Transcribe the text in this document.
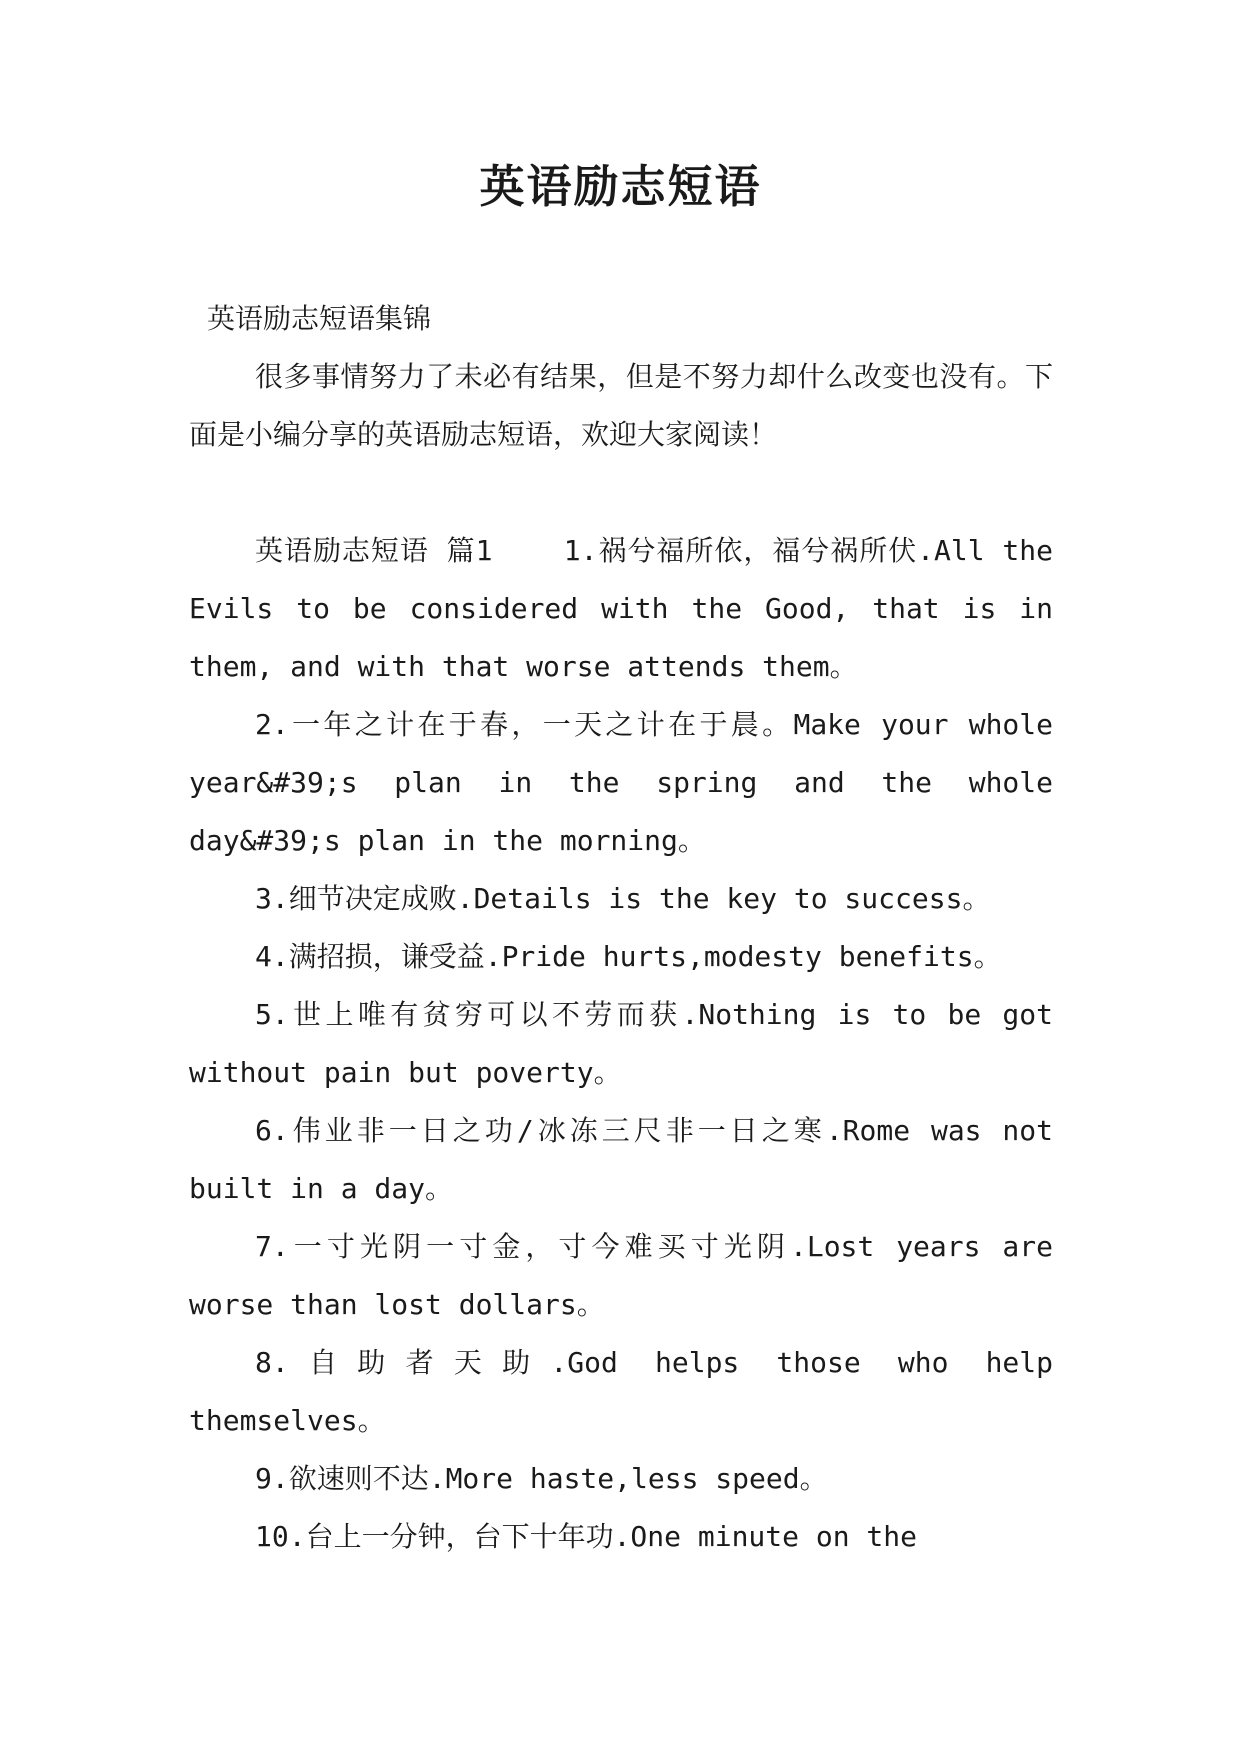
英语励志短语

英语励志短语集锦

很多事情努力了未必有结果，但是不努力却什么改变也没有。下面是小编分享的英语励志短语，欢迎大家阅读！

英语励志短语 篇1	1.祸兮福所依，福兮祸所伏.All the Evils to be considered with the Good, that is in them, and with that worse attends them。

2.一年之计在于春，一天之计在于晨。Make your whole year&#39;s plan in the spring and the whole day&#39;s plan in the morning。

3.细节决定成败.Details is the key to success。

4.满招损，谦受益.Pride hurts,modesty benefits。

5.世上唯有贫穷可以不劳而获.Nothing is to be got without pain but poverty。

6.伟业非一日之功/冰冻三尺非一日之寒.Rome was not built in a day。

7.一寸光阴一寸金，寸今难买寸光阴.Lost years are worse than lost dollars。

8.自助者天助.God helps those who help themselves。

9.欲速则不达.More haste,less speed。

10.台上一分钟，台下十年功.One minute on the
